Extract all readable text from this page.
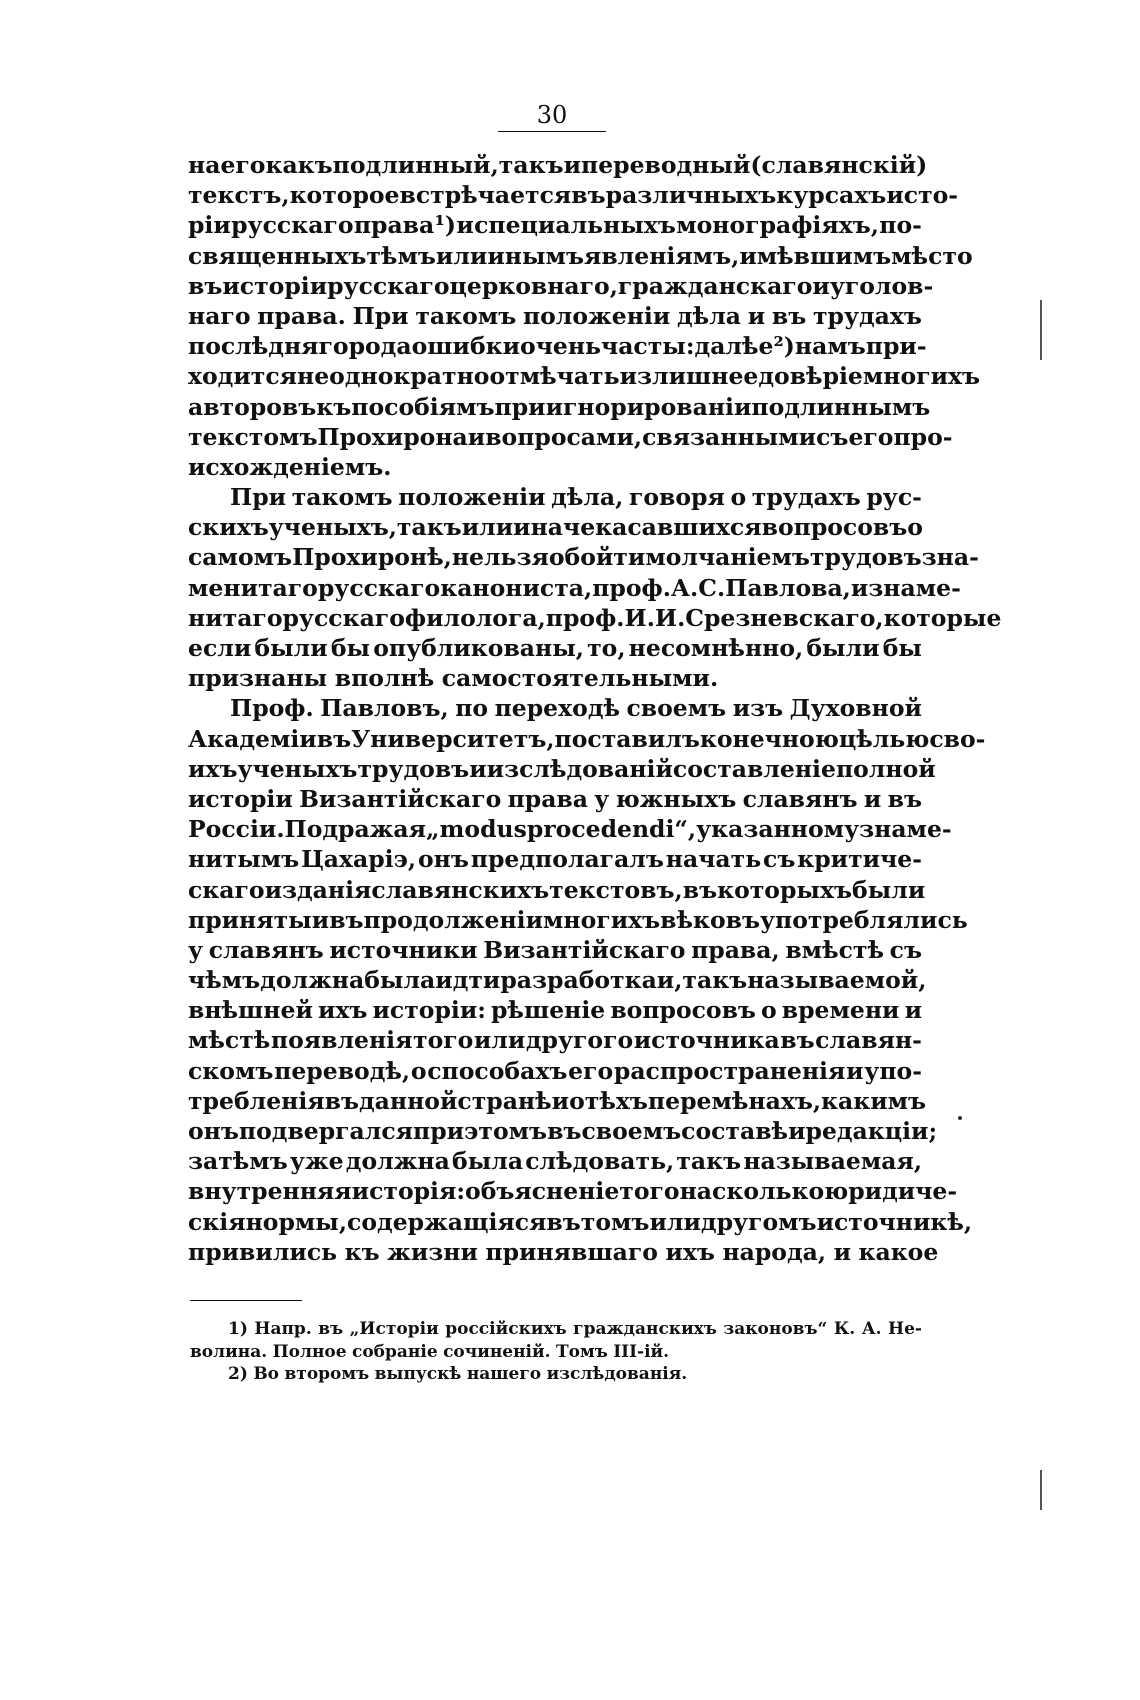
30
на его какъ подлинный, такъ и переводный (славянскій)
текстъ, которое встрѣчается въ различныхъ курсахъ исто-
ріи русскаго права ¹) и специальныхъ монографіяхъ, по-
священныхъ тѣмъ или инымъ явленіямъ, имѣвшимъ мѣсто
въ исторіи русскаго церковнаго, гражданскаго и уголов-
наго права. При такомъ положеніи дѣла и въ трудахъ
послѣдняго рода ошибки очень часты: далѣе ²) намъ при-
ходится неоднократно отмѣчать излишнее довѣріе многихъ
авторовъ къ пособіямъ при игнорированіи подлиннымъ
текстомъ Прохирона и вопросами, связанными съ его про-
исхожденіемъ.
При такомъ положеніи дѣла, говоря о трудахъ рус-
скихъ ученыхъ, такъ или иначе касавшихся вопросовъ о
самомъ Прохиронѣ, нельзя обойти молчаніемъ трудовъ зна-
менитаго русскаго канониста, проф. А. С. Павлова, и знаме-
нитаго русскаго филолога, проф. И. И. Срезневскаго, которые
если были бы опубликованы, то, несомнѣнно, были бы
признаны вполнѣ самостоятельными.
Проф. Павловъ, по переходѣ своемъ изъ Духовной
Академіи въ Университетъ, поставилъ конечною цѣлью сво-
ихъ ученыхъ трудовъ и изслѣдованій составленіе полной
исторіи Византійскаго права у южныхъ славянъ и въ
Россіи. Подражая „modus procedendi“, указанному знаме-
нитымъ Цахаріэ, онъ предполагалъ начать съ критиче-
скаго изданія славянскихъ текстовъ, въ которыхъ были
приняты и въ продолженіи многихъ вѣковъ употреблялись
у славянъ источники Византійскаго права, вмѣстѣ съ
чѣмъ должна была идти разработка и, такъ называемой,
внѣшней ихъ исторіи: рѣшеніе вопросовъ о времени и
мѣстѣ появленія того или другого источника въ славян-
скомъ переводѣ, о способахъ его распространенія и упо-
требленія въ данной странѣ и о тѣхъ перемѣнахъ, какимъ
онъ подвергался при этомъ въ своемъ составѣ и редакціи;
затѣмъ уже должна была слѣдовать, такъ называемая,
внутренняя исторія: объясненіе того насколько юридиче-
скія нормы, содержащіяся въ томъ или другомъ источникѣ,
привились къ жизни принявшаго ихъ народа, и какое
1) Напр. въ „Исторіи россійскихъ гражданскихъ законовъ“ К. А. Не-
волина. Полное собраніе сочиненій. Томъ III-ій.
2) Во второмъ выпускѣ нашего изслѣдованія.
